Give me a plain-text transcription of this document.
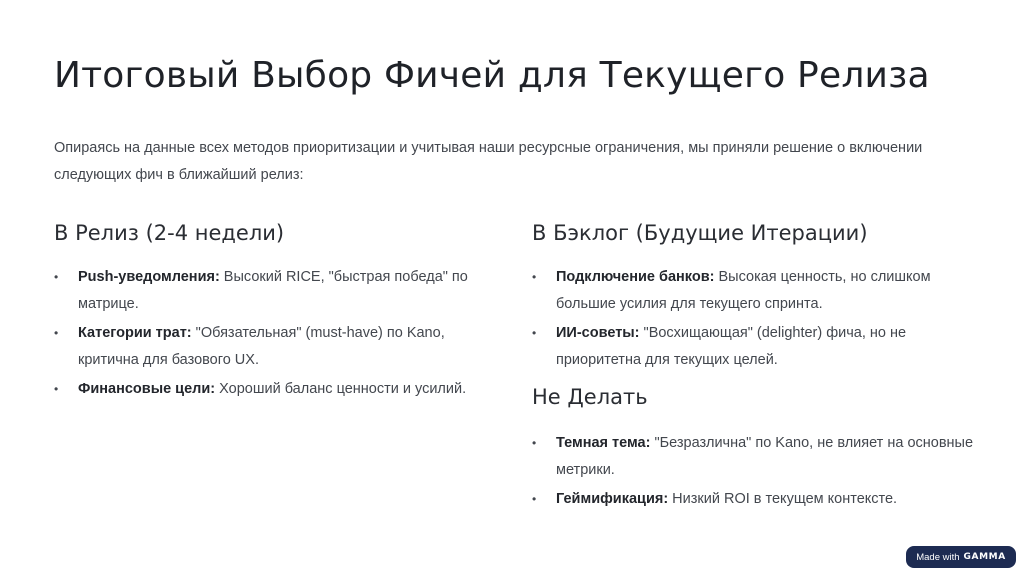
Итоговый Выбор Фичей для Текущего Релиза

Опираясь на данные всех методов приоритизации и учитывая наши ресурсные ограничения, мы приняли решение о включении следующих фич в ближайший релиз:

В Релиз (2-4 недели)
• Push-уведомления: Высокий RICE, "быстрая победа" по матрице.
• Категории трат: "Обязательная" (must-have) по Kano, критична для базового UX.
• Финансовые цели: Хороший баланс ценности и усилий.
В Бэклог (Будущие Итерации)
• Подключение банков: Высокая ценность, но слишком большие усилия для текущего спринта.
• ИИ-советы: "Восхищающая" (delighter) фича, но не приоритетна для текущих целей.
Не Делать
• Темная тема: "Безразлична" по Kano, не влияет на основные метрики.
• Геймификация: Низкий ROI в текущем контексте.
Made with GAMMA
